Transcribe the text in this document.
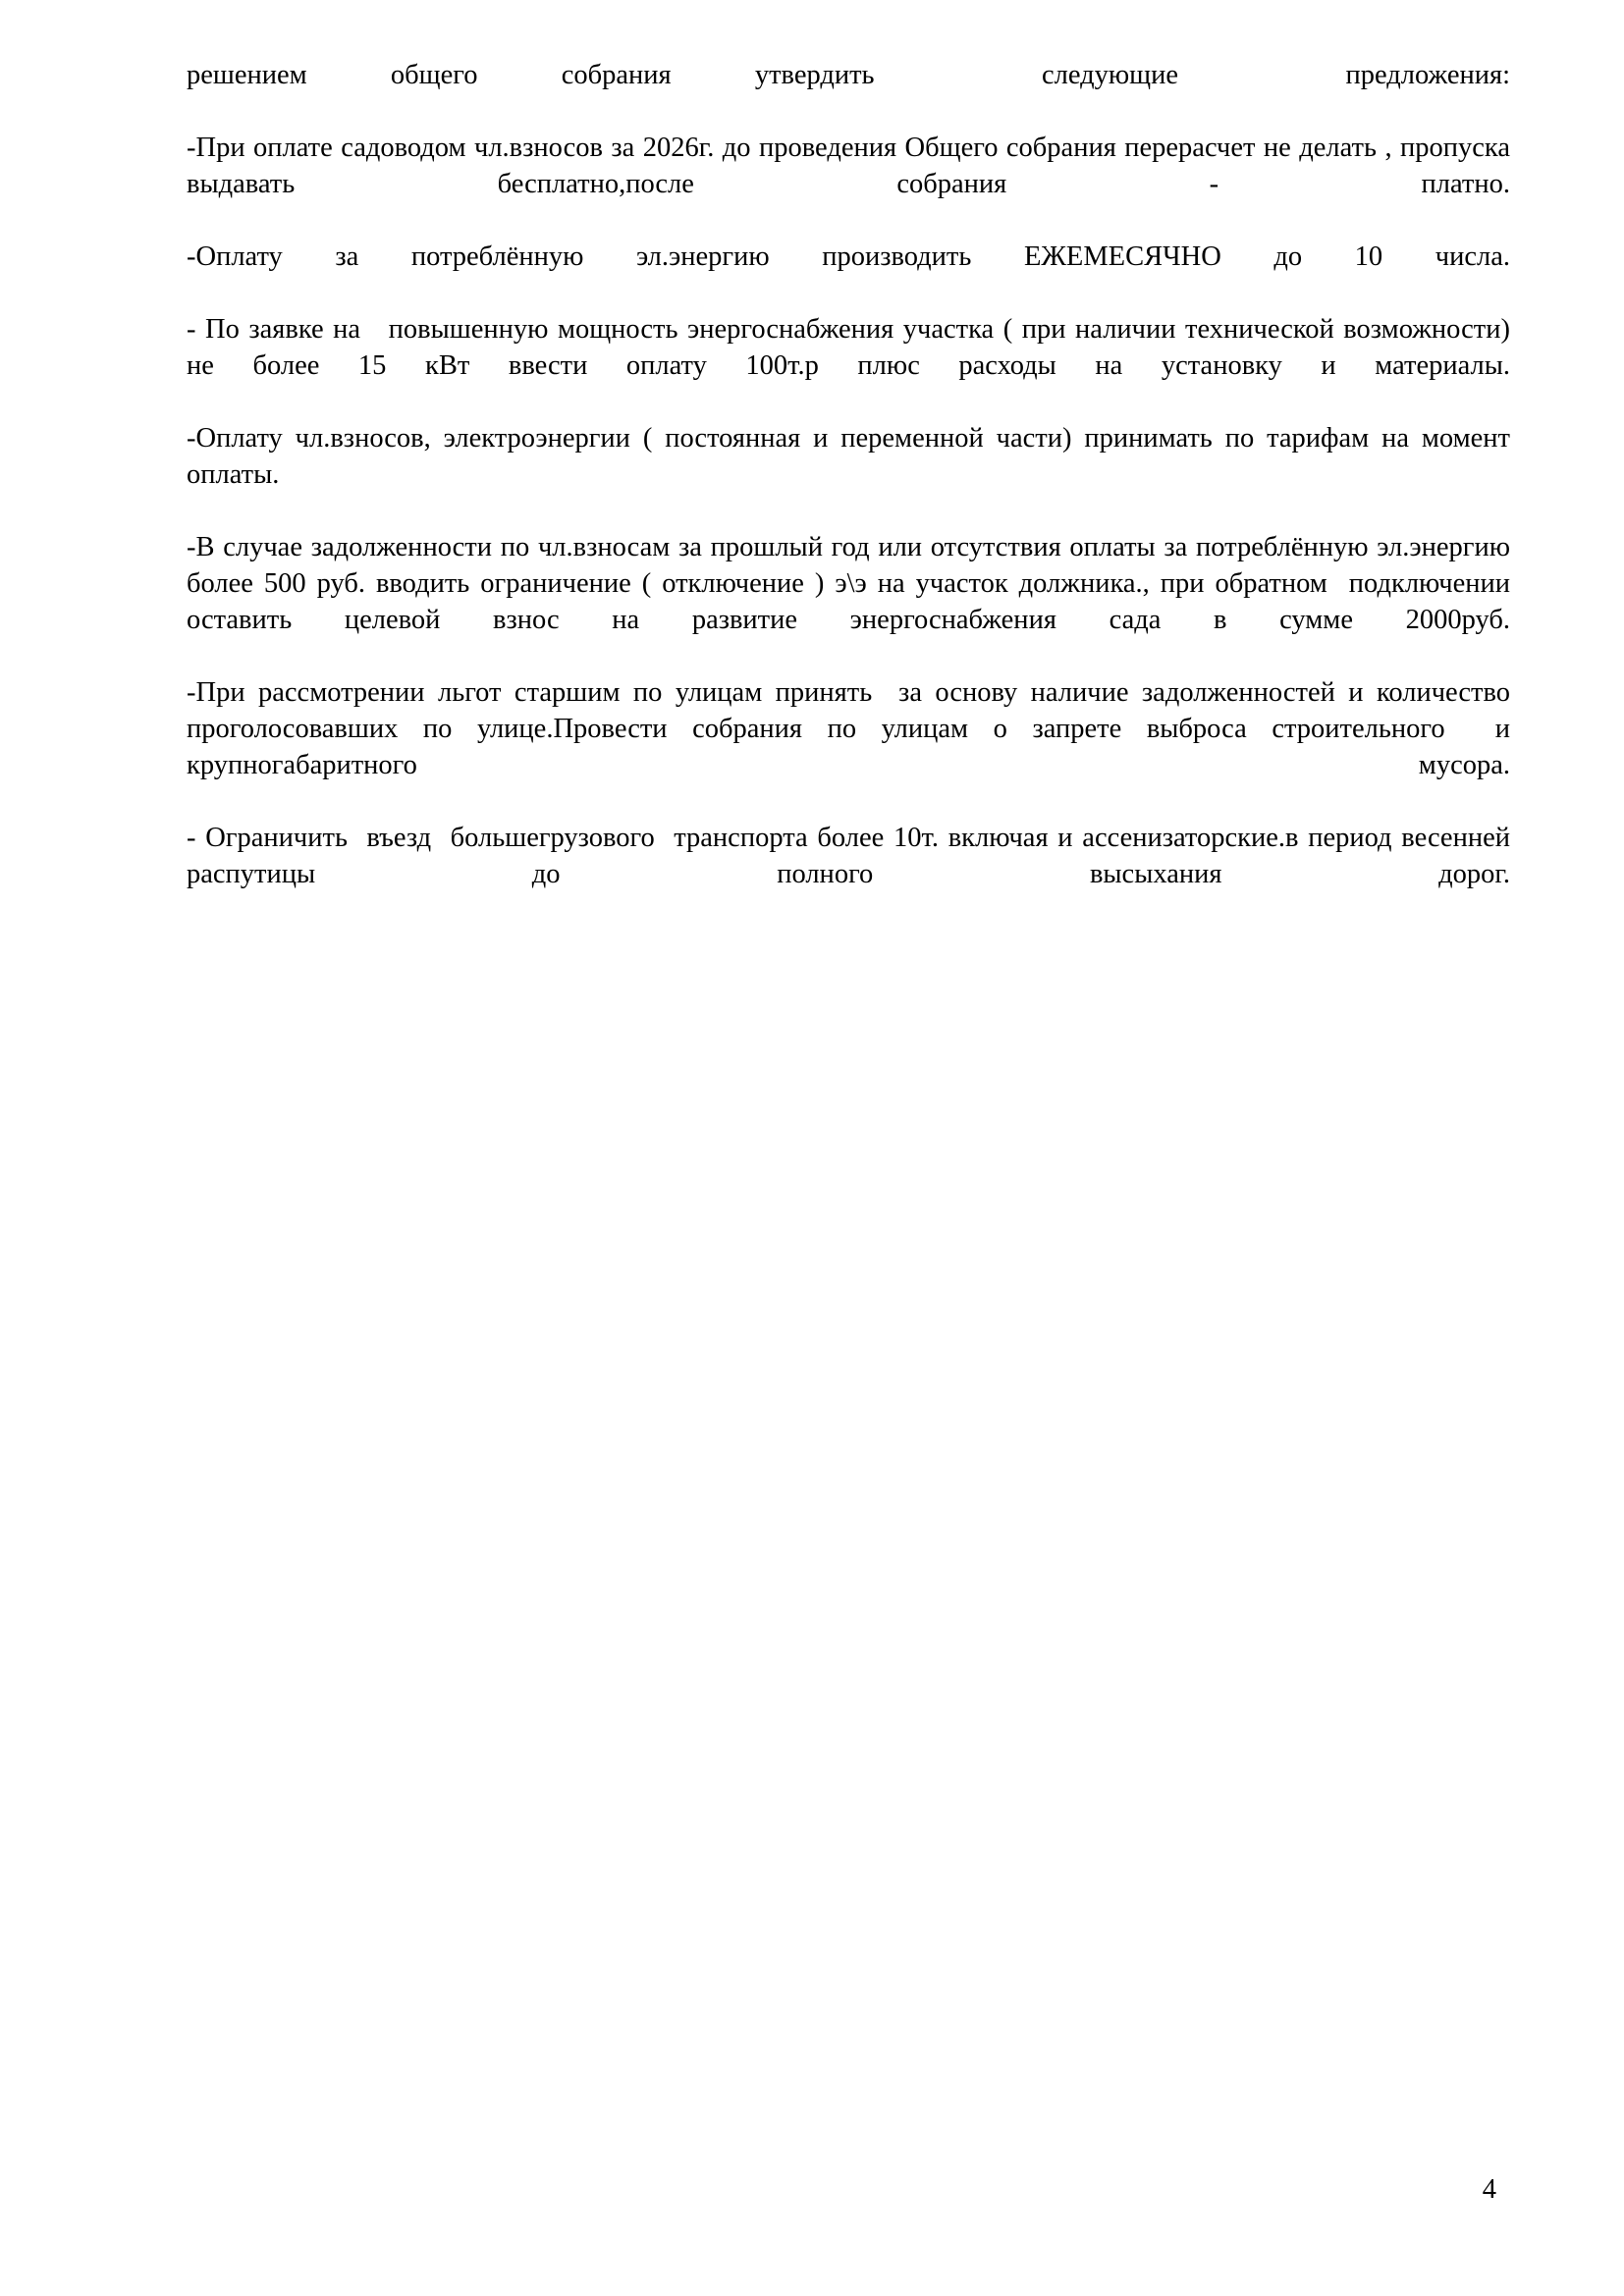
решением общего собрания утвердить  следующие  предложения:

-При оплате садоводом чл.взносов за 2026г. до проведения Общего собрания перерасчет не делать , пропуска выдавать бесплатно,после собрания - платно.

-Оплату за потреблённую эл.энергию производить ЕЖЕМЕСЯЧНО до 10 числа.

- По заявке на   повышенную мощность энергоснабжения участка ( при наличии технической возможности) не более 15 кВт ввести оплату 100т.р плюс расходы на установку и материалы.

-Оплату чл.взносов, электроэнергии ( постоянная и переменной части) принимать по тарифам на момент оплаты.

-В случае задолженности по чл.взносам за прошлый год или отсутствия оплаты за потреблённую эл.энергию более 500 руб. вводить ограничение ( отключение ) э\э на участок должника., при обратном  подключении оставить целевой взнос на развитие энергоснабжения сада в сумме 2000руб.

-При рассмотрении льгот старшим по улицам принять  за основу наличие задолженностей и количество проголосовавших по улице.Провести собрания по улицам о запрете выброса строительного  и крупногабаритного мусора.

- Ограничить  въезд  большегрузового  транспорта более 10т. включая и ассенизаторские.в период весенней распутицы до полного высыхания дорог.

4
